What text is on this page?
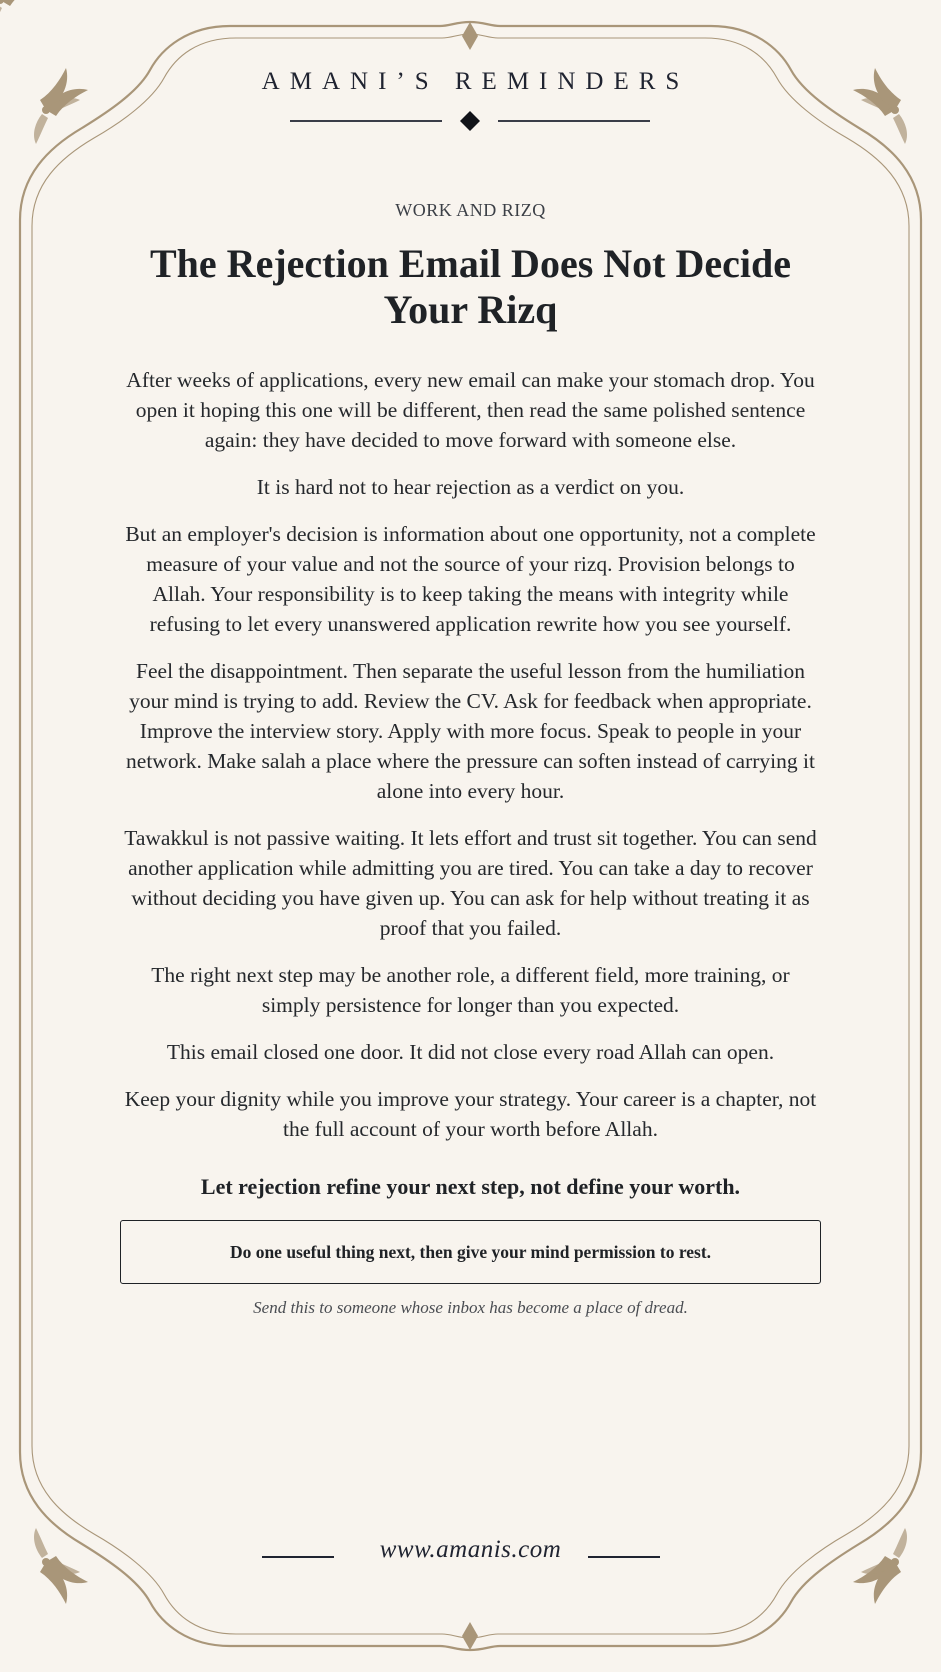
AMANI’S REMINDERS
WORK AND RIZQ
The Rejection Email Does Not Decide Your Rizq

After weeks of applications, every new email can make your stomach drop. You open it hoping this one will be different, then read the same polished sentence again: they have decided to move forward with someone else.

It is hard not to hear rejection as a verdict on you.

But an employer's decision is information about one opportunity, not a complete measure of your value and not the source of your rizq. Provision belongs to Allah. Your responsibility is to keep taking the means with integrity while refusing to let every unanswered application rewrite how you see yourself.

Feel the disappointment. Then separate the useful lesson from the humiliation your mind is trying to add. Review the CV. Ask for feedback when appropriate. Improve the interview story. Apply with more focus. Speak to people in your network. Make salah a place where the pressure can soften instead of carrying it alone into every hour.

Tawakkul is not passive waiting. It lets effort and trust sit together. You can send another application while admitting you are tired. You can take a day to recover without deciding you have given up. You can ask for help without treating it as proof that you failed.

The right next step may be another role, a different field, more training, or simply persistence for longer than you expected.

This email closed one door. It did not close every road Allah can open.

Keep your dignity while you improve your strategy. Your career is a chapter, not the full account of your worth before Allah.

Let rejection refine your next step, not define your worth.
Do one useful thing next, then give your mind permission to rest.
Send this to someone whose inbox has become a place of dread.
www.amanis.com
